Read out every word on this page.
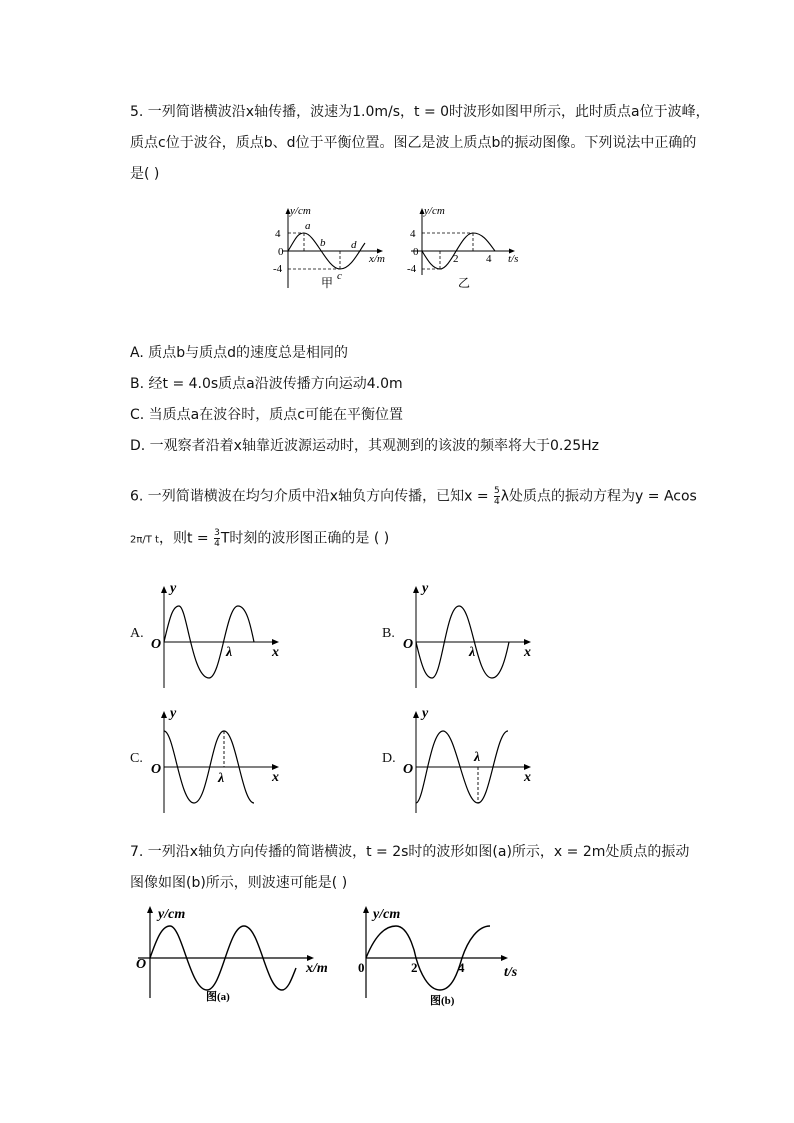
5. 一列简谐横波沿x轴传播，波速为1.0m/s，t = 0时波形如图甲所示，此时质点a位于波峰，
质点c位于波谷，质点b、d位于平衡位置。图乙是波上质点b的振动图像。下列说法中正确的
是( )
y/cm
x/m
4
0
-4
a
b
c
d
甲
y/cm
t/s
4
0
-4
2	4
乙
A. 质点b与质点d的速度总是相同的
B. 经t = 4.0s质点a沿波传播方向运动4.0m
C. 当质点a在波谷时，质点c可能在平衡位置
D. 一观察者沿着x轴靠近波源运动时，其观测到的该波的频率将大于0.25Hz
6. 一列简谐横波在均匀介质中沿x轴负方向传播，已知$x = \frac{5}{4}$ λ处质点的振动方程为y = Acos
2π/T t，则$t = \frac{3}{4}$ T时刻的波形图正确的是 ( )
A.
y
x
O
λ
B.
y
x
O
λ
C.
y
x
O
λ
D.
y
x
O
λ
7. 一列沿x轴负方向传播的简谐横波，t = 2s时的波形如图(a)所示，x = 2m处质点的振动
图像如图(b)所示，则波速可能是( )
y/cm
x/m
O
图(a)
y/cm
t/s
0	2	4
图(b)
